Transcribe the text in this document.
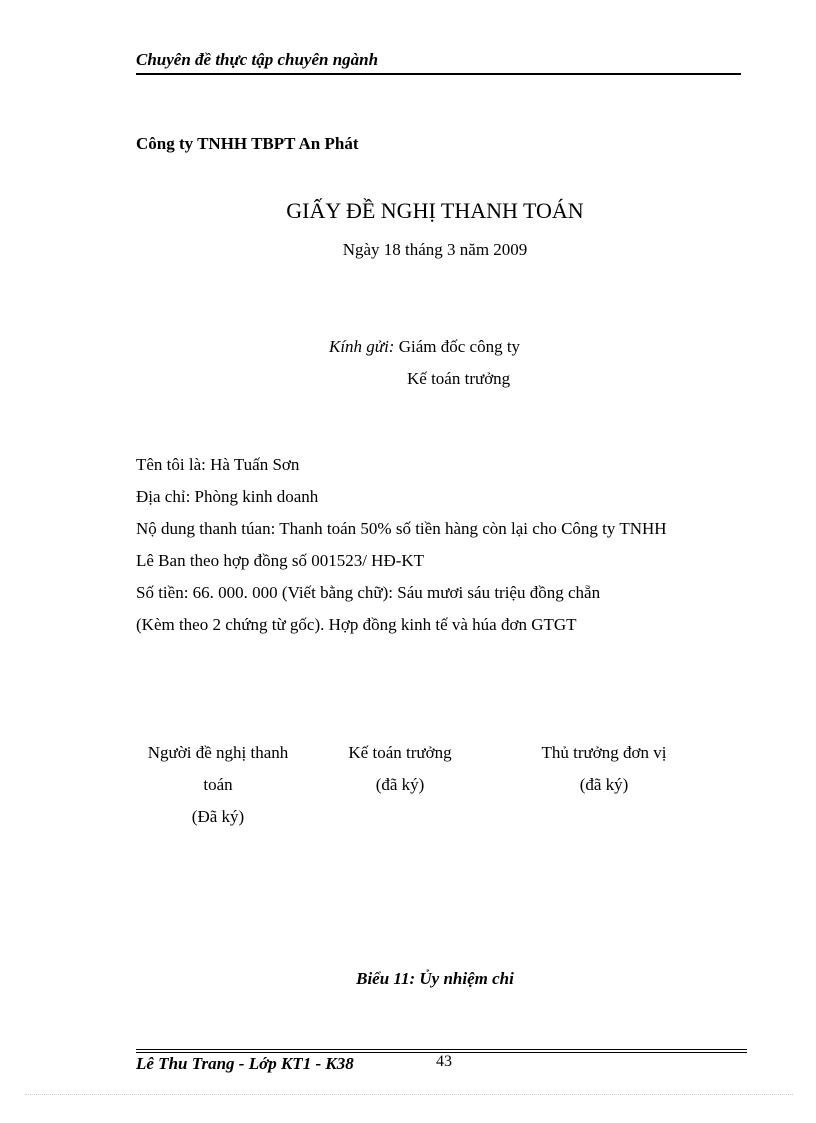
Chuyên đề thực tập chuyên ngành
Công ty TNHH TBPT An Phát
GIẤY ĐỀ NGHỊ THANH TOÁN
Ngày 18 tháng 3 năm 2009
Kính gửi: Giám đốc công ty
Kế toán trưởng
Tên tôi là: Hà Tuấn Sơn
Địa chỉ: Phòng kinh doanh
Nộ dung thanh túan: Thanh toán 50% số tiền hàng còn lại cho Công ty TNHH
Lê Ban theo hợp đồng số 001523/ HĐ-KT
Số tiền: 66. 000. 000 (Viết bằng chữ): Sáu mươi sáu triệu đồng chẵn
(Kèm theo 2 chứng từ gốc). Hợp đồng kinh tế và húa đơn GTGT
Người đề nghị thanh
toán
(Đã ký)
Kế toán trưởng
(đã ký)
Thủ trưởng đơn vị
(đã ký)
Biểu 11: Ủy nhiệm chi
Lê Thu Trang - Lớp KT1 - K38	43
